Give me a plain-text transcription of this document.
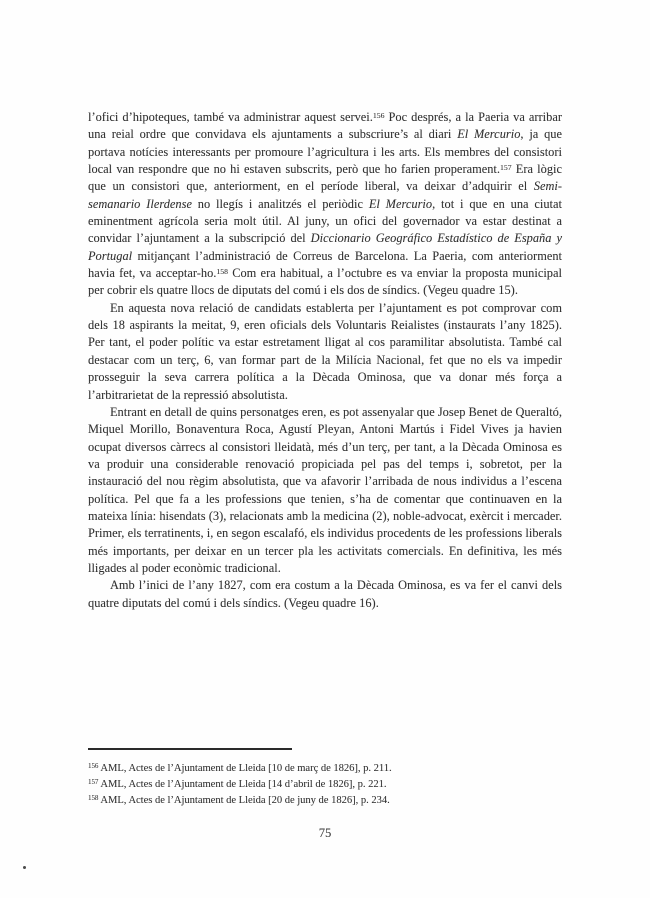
l’ofici d’hipoteques, també va administrar aquest servei.$^{156}$ Poc després, a la Paeria va arribar una reial ordre que convidava els ajuntaments a subscriure’s al diari El Mercurio, ja que portava notícies interessants per promoure l’agricultura i les arts. Els membres del consistori local van respondre que no hi estaven subscrits, però que ho farien properament.$^{157}$ Era lògic que un consistori que, anteriorment, en el període liberal, va deixar d’adquirir el Semi-semanario Ilerdense no llegís i analitzés el periòdic El Mercurio, tot i que en una ciutat eminentment agrícola seria molt útil. Al juny, un ofici del governador va estar destinat a convidar l’ajuntament a la subscripció del Diccionario Geográfico Estadístico de España y Portugal mitjançant l’administració de Correus de Barcelona. La Paeria, com anteriorment havia fet, va acceptar-ho.$^{158}$ Com era habitual, a l’octubre es va enviar la proposta municipal per cobrir els quatre llocs de diputats del comú i els dos de síndics. (Vegeu quadre 15).

En aquesta nova relació de candidats establerta per l’ajuntament es pot comprovar com dels 18 aspirants la meitat, 9, eren oficials dels Voluntaris Reialistes (instaurats l’any 1825). Per tant, el poder polític va estar estretament lligat al cos paramilitar absolutista. També cal destacar com un terç, 6, van formar part de la Milícia Nacional, fet que no els va impedir prosseguir la seva carrera política a la Dècada Ominosa, que va donar més força a l’arbitrarietat de la repressió absolutista.

Entrant en detall de quins personatges eren, es pot assenyalar que Josep Benet de Queraltó, Miquel Morillo, Bonaventura Roca, Agustí Pleyan, Antoni Martús i Fidel Vives ja havien ocupat diversos càrrecs al consistori lleidatà, més d’un terç, per tant, a la Dècada Ominosa es va produir una considerable renovació propiciada pel pas del temps i, sobretot, per la instauració del nou règim absolutista, que va afavorir l’arribada de nous individus a l’escena política. Pel que fa a les professions que tenien, s’ha de comentar que continuaven en la mateixa línia: hisendats (3), relacionats amb la medicina (2), noble-advocat, exèrcit i mercader. Primer, els terratinents, i, en segon escalafó, els individus procedents de les professions liberals més importants, per deixar en un tercer pla les activitats comercials. En definitiva, les més lligades al poder econòmic tradicional.

Amb l’inici de l’any 1827, com era costum a la Dècada Ominosa, es va fer el canvi dels quatre diputats del comú i dels síndics. (Vegeu quadre 16).

$^{156}$ AML, Actes de l’Ajuntament de Lleida [10 de març de 1826], p. 211.
$^{157}$ AML, Actes de l’Ajuntament de Lleida [14 d’abril de 1826], p. 221.
$^{158}$ AML, Actes de l’Ajuntament de Lleida [20 de juny de 1826], p. 234.
75
